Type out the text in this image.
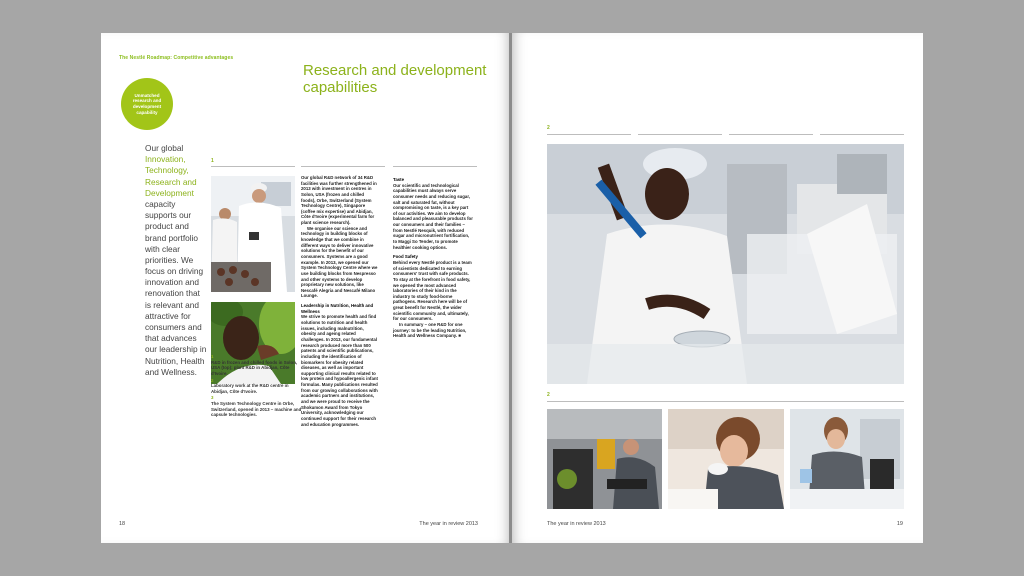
The Nestlé Roadmap: Competitive advantages
Unmatched
research and
development
capability
Research and development capabilities
Our global Innovation, Technology, Research and Development capacity supports our product and brand portfolio with clear priorities. We focus on driving innovation and renovation that is relevant and attractive for consumers and that advances our leadership in Nutrition, Health and Wellness.
1
1
R&D in frozen and chilled foods in Solon, USA (top); plant R&D in Abidjan, Côte d'Ivoire.
2
Laboratory work at the R&D centre in Abidjan, Côte d'Ivoire.
3
The System Technology Centre in Orbe, Switzerland, opened in 2013 – machine and capsule technologies.

Our global R&D network of 34 R&D facilities was further strengthened in 2013 with investment in centres in Solon, USA (frozen and chilled foods), Orbe, Switzerland (System Technology Centre), Singapore (coffee mix expertise) and Abidjan, Côte d'Ivoire (experimental farm for plant science research).

We organise our science and technology in building blocks of knowledge that we combine in different ways to deliver innovative solutions for the benefit of our consumers. Systems are a good example. In 2013, we opened our System Technology Centre where we use building blocks from Nespresso and other systems to develop proprietary new solutions, like Nescafé Alegria and Nescafé Milano Lounge.

Leadership in Nutrition, Health and Wellness

We strive to promote health and find solutions to nutrition and health issues, including malnutrition, obesity and ageing related challenges. In 2013, our fundamental research produced more than 500 patents and scientific publications, including the identification of biomarkers for obesity related diseases, as well as important supporting clinical results related to low protein and hypoallergenic infant formulas. Many publications resulted from our growing collaborations with academic partners and institutions, and we were proud to receive the Shokumon Award from Tokyo University, acknowledging our continued support for their research and education programmes.

Taste

Our scientific and technological capabilities must always serve consumer needs and reducing sugar, salt and saturated fat, without compromising on taste, is a key part of our activities. We aim to develop balanced and pleasurable products for our consumers and their families – from Nestlé Nesquik, with reduced sugar and micronutrient fortification, to Maggi So Tender, to promote healthier cooking options.

Food Safety

Behind every Nestlé product is a team of scientists dedicated to earning consumers' trust with safe products. To stay at the forefront in food safety, we opened the most advanced laboratories of their kind in the industry to study food-borne pathogens. Research here will be of great benefit for Nestlé, the wider scientific community and, ultimately, for our consumers.

In summary – one R&D for one journey: to be the leading Nutrition, Health and Wellness Company. ■

18	The year in review 2013
2
2
The year in review 2013	19
